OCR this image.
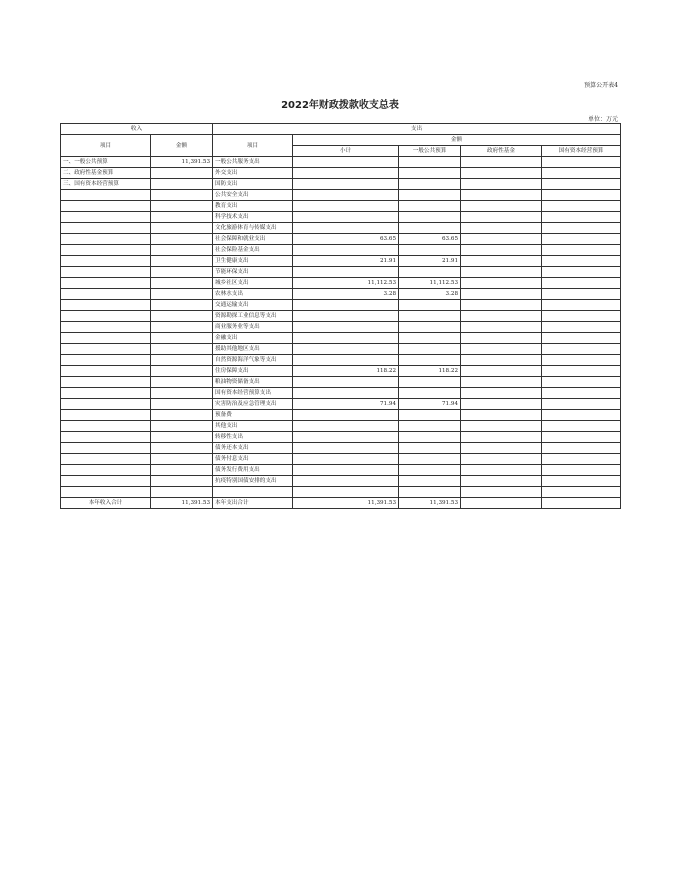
预算公开表4
2022年财政拨款收支总表
单位：万元
收入		支出				
项目	金额	项目	金额			
			小计	一般公共预算	政府性基金	国有资本经营预算
一、一般公共预算	11,391.53	一般公共服务支出				
二、政府性基金预算		外交支出				
三、国有资本经营预算		国防支出				
		公共安全支出				
		教育支出				
		科学技术支出				
		文化旅游体育与传媒支出				
		社会保障和就业支出	63.65	63.65		
		社会保险基金支出				
		卫生健康支出	21.91	21.91		
		节能环保支出				
		城乡社区支出	11,112.53	11,112.53		
		农林水支出	3.28	3.28		
		交通运输支出				
		资源勘探工业信息等支出				
		商业服务业等支出				
		金融支出				
		援助其他地区支出				
		自然资源海洋气象等支出				
		住房保障支出	118.22	118.22		
		粮油物资储备支出				
		国有资本经营预算支出				
		灾害防治及应急管理支出	71.94	71.94		
		预备费				
		其他支出				
		转移性支出				
		债务还本支出				
		债务付息支出				
		债务发行费用支出				
		抗疫特别国债安排的支出				

本年收入合计	11,391.53	本年支出合计	11,391.53	11,391.53		
